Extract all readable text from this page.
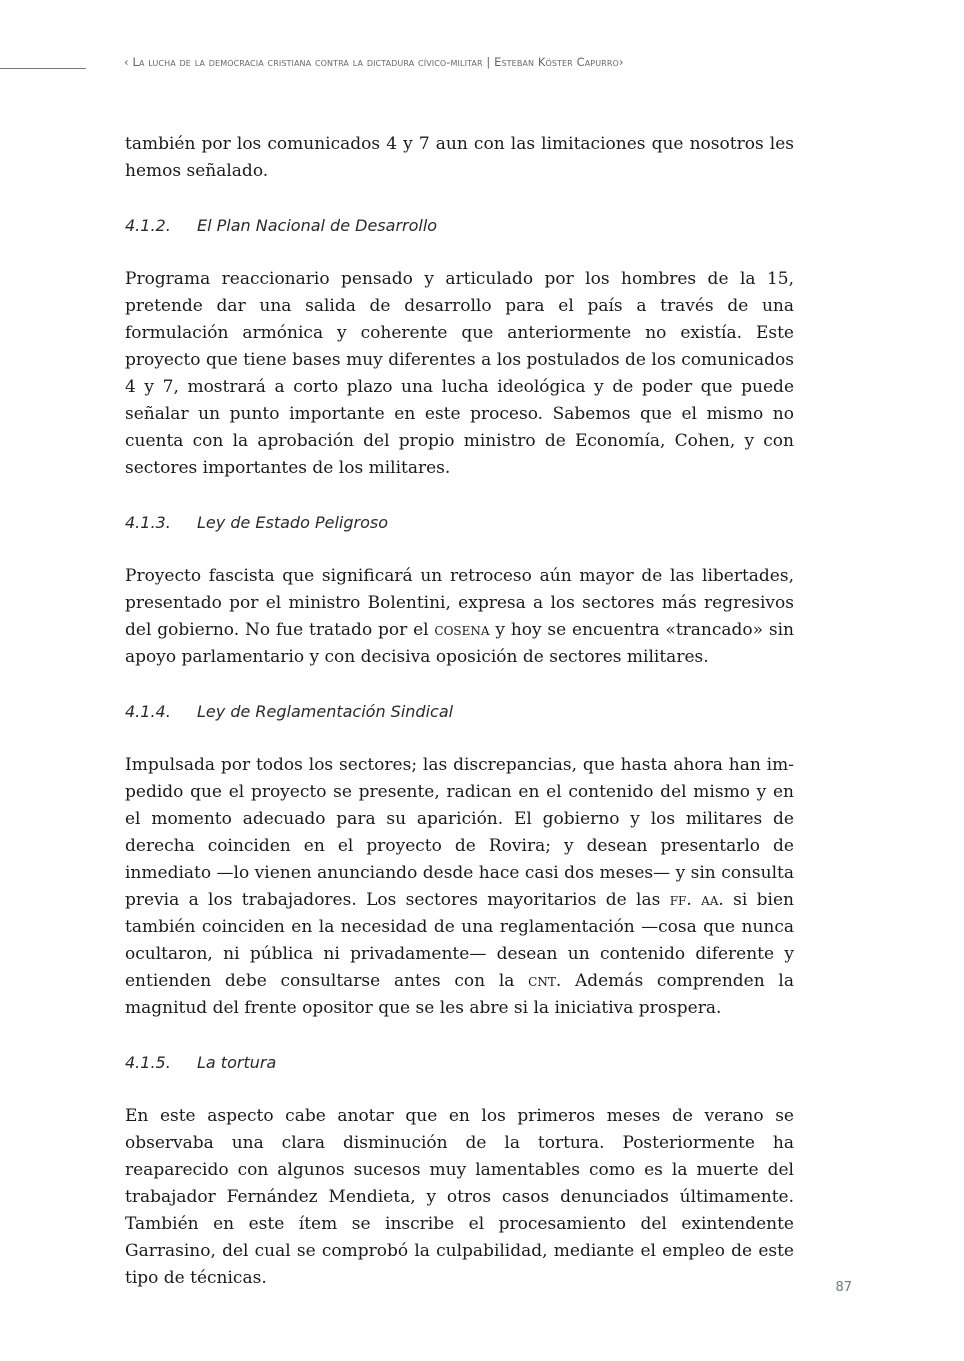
‹ La lucha de la democracia cristiana contra la dictadura cívico-militar | Esteban Köster Capurro›

también por los comunicados 4 y 7 aun con las limitaciones que nosotros les hemos señalado.

4.1.2. El Plan Nacional de Desarrollo

Programa reaccionario pensado y articulado por los hombres de la 15, pretende dar una salida de desarrollo para el país a través de una formulación armónica y coherente que anteriormente no existía. Este proyecto que tiene bases muy diferentes a los postulados de los comunicados 4 y 7, mostrará a corto plazo una lucha ideológica y de poder que puede señalar un punto importante en este proceso. Sabemos que el mismo no cuenta con la aprobación del propio ministro de Economía, Cohen, y con sectores importantes de los militares.

4.1.3. Ley de Estado Peligroso

Proyecto fascista que significará un retroceso aún mayor de las libertades, presentado por el ministro Bolentini, expresa a los sectores más regresivos del gobierno. No fue tratado por el cosena y hoy se encuentra «trancado» sin apoyo parlamentario y con decisiva oposición de sectores militares.

4.1.4. Ley de Reglamentación Sindical

Impulsada por todos los sectores; las discrepancias, que hasta ahora han impedido que el proyecto se presente, radican en el contenido del mismo y en el momento adecuado para su aparición. El gobierno y los militares de derecha coinciden en el proyecto de Rovira; y desean presentarlo de inmediato —lo vienen anunciando desde hace casi dos meses— y sin consulta previa a los trabajadores. Los sectores mayoritarios de las ff. aa. si bien también coinciden en la necesidad de una reglamentación —cosa que nunca ocultaron, ni pública ni privadamente— desean un contenido diferente y entienden debe consultarse antes con la cnt. Además comprenden la magnitud del frente opositor que se les abre si la iniciativa prospera.

4.1.5. La tortura

En este aspecto cabe anotar que en los primeros meses de verano se observaba una clara disminución de la tortura. Posteriormente ha reaparecido con algunos sucesos muy lamentables como es la muerte del trabajador Fernández Mendieta, y otros casos denunciados últimamente. También en este ítem se inscribe el procesamiento del exintendente Garrasino, del cual se comprobó la culpabilidad, mediante el empleo de este tipo de técnicas.	87
